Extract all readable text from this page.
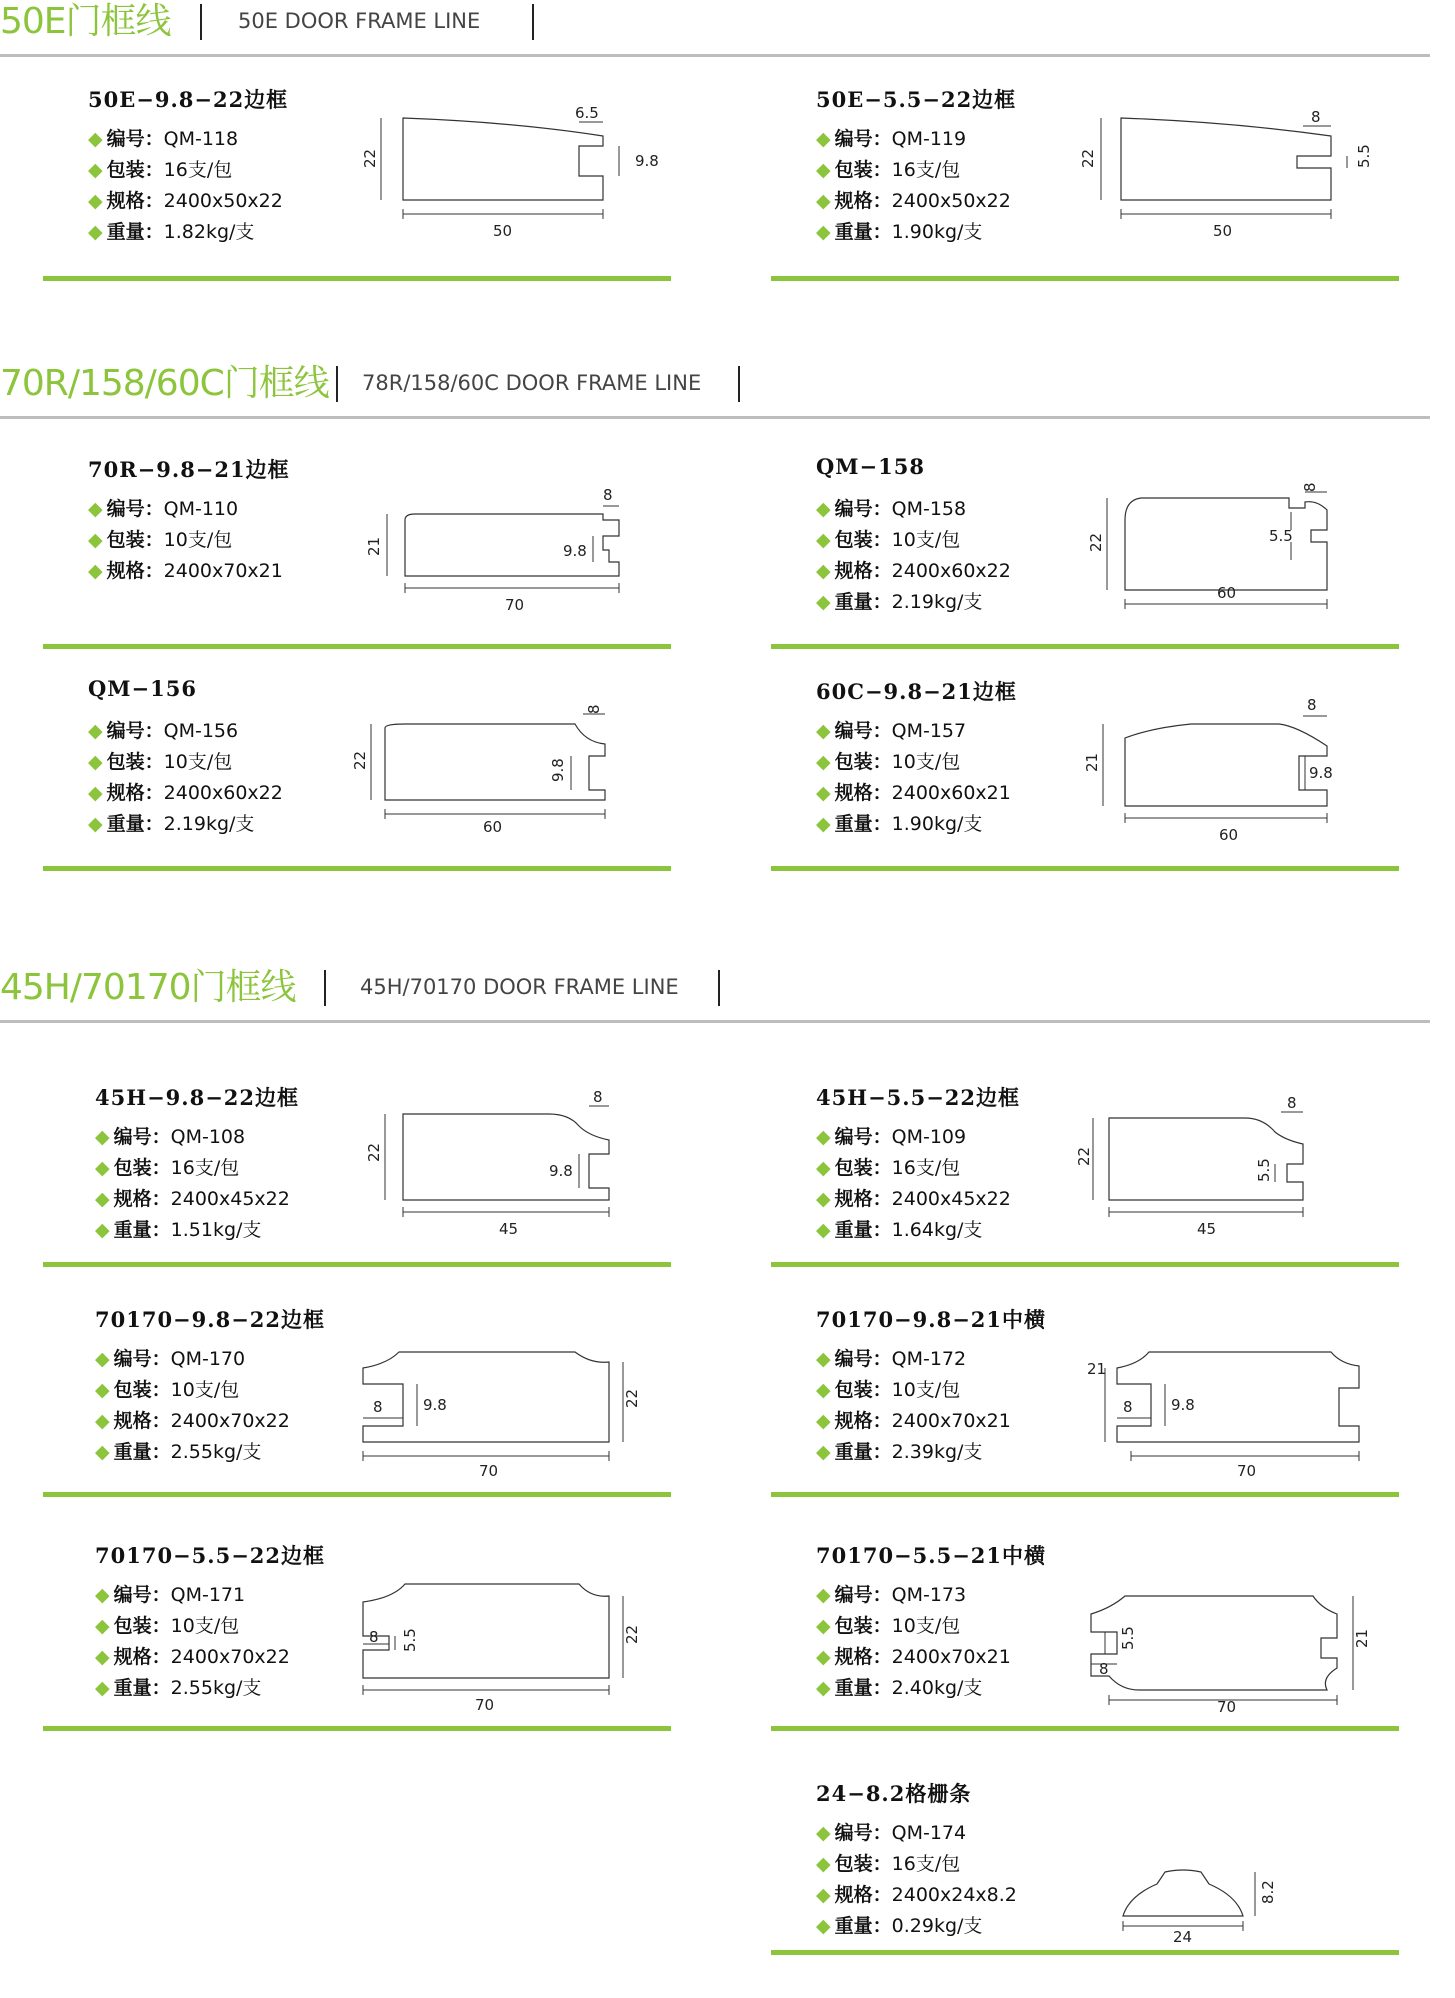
50E门框线	50E DOOR FRAME LINE
70R/158/60C门框线 78R/158/60C DOOR FRAME LINE
45H/70170门框线	45H/70170 DOOR FRAME LINE
50E−9.8−22边框
◆ 编号：QM-118
◆ 包装：16支/包
◆ 规格：2400x50x22
◆ 重量：1.82kg/支	50
22
6.5
9.8
50E−5.5−22边框
◆ 编号：QM-119
◆ 包装：16支/包
◆ 规格：2400x50x22
◆ 重量：1.90kg/支	50
22
8
5.5
70R−9.8−21边框
◆ 编号：QM-110
◆ 包装：10支/包
◆ 规格：2400x70x21
70
21
8
9.8
QM−158
◆ 编号：QM-158
◆ 包装：10支/包
◆ 规格：2400x60x22
◆ 重量：2.19kg/支	60
22
8
5.5
QM−156
◆ 编号：QM-156
◆ 包装：10支/包
◆ 规格：2400x60x22
◆ 重量：2.19kg/支	60
22
8
9.8
60C−9.8−21边框
◆ 编号：QM-157
◆ 包装：10支/包
◆ 规格：2400x60x21
◆ 重量：1.90kg/支	60
21
8
9.8
45H−9.8−22边框
◆ 编号：QM-108
◆ 包装：16支/包
◆ 规格：2400x45x22
◆ 重量：1.51kg/支	45
22
8
9.8
45H−5.5−22边框
◆ 编号：QM-109
◆ 包装：16支/包
◆ 规格：2400x45x22
◆ 重量：1.64kg/支	45
22
8
5.5
70170−9.8−22边框
◆ 编号：QM-170
◆ 包装：10支/包
◆ 规格：2400x70x22
◆ 重量：2.55kg/支
70
22
8	9.8
70170−9.8−21中横
◆ 编号：QM-172
◆ 包装：10支/包
◆ 规格：2400x70x21
◆ 重量：2.39kg/支
70
21
8	9.8
70170−5.5−22边框
◆ 编号：QM-171
◆ 包装：10支/包
◆ 规格：2400x70x22
◆ 重量：2.55kg/支
70
22
8 5.5
70170−5.5−21中横
◆ 编号：QM-173
◆ 包装：10支/包
◆ 规格：2400x70x21
◆ 重量：2.40kg/支
70
21
8
5.5
24−8.2格栅条
◆ 编号：QM-174
◆ 包装：16支/包
◆ 规格：2400x24x8.2
◆ 重量：0.29kg/支	24
8.2
